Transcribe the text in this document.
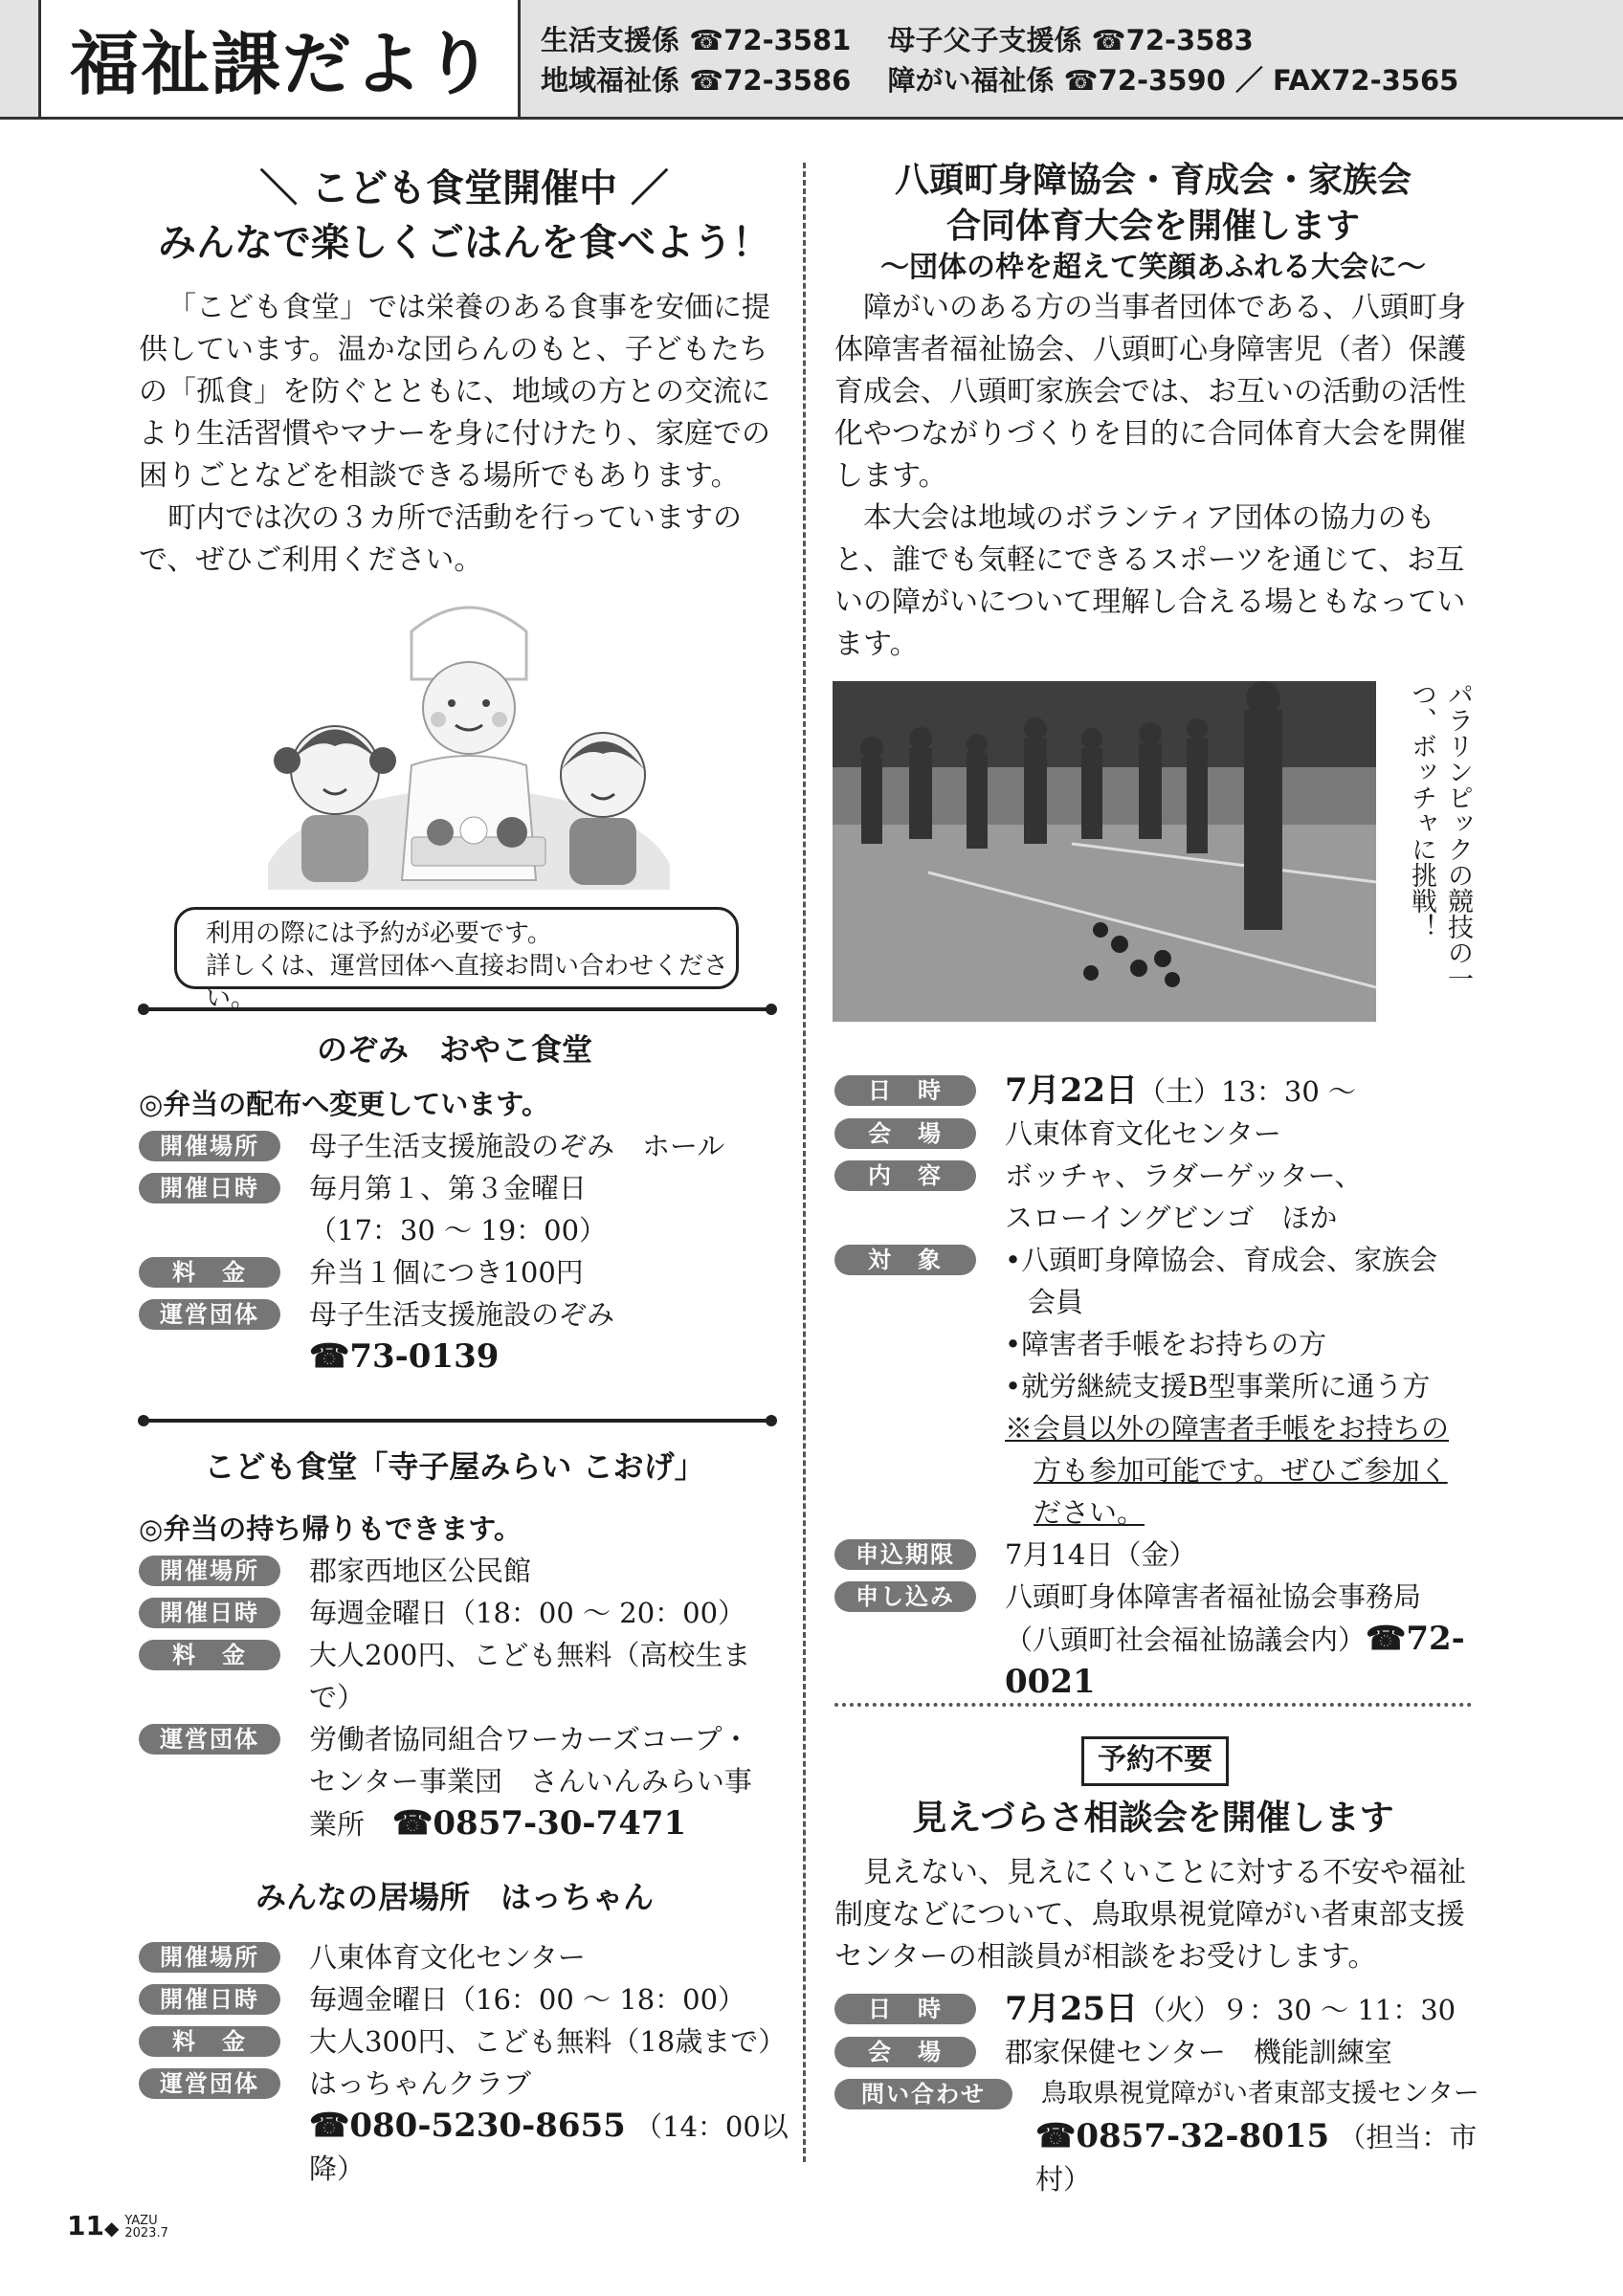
福祉課だより	生活支援係 ☎72-3581 母子父子支援係 ☎72-3583
地域福祉係 ☎72-3586 障がい福祉係 ☎72-3590 ／ FAX72-3565
＼ こども食堂開催中 ／
みんなで楽しくごはんを食べよう！

「こども食堂」では栄養のある食事を安価に提供しています。温かな団らんのもと、子どもたちの「孤食」を防ぐとともに、地域の方との交流により生活習慣やマナーを身に付けたり、家庭での困りごとなどを相談できる場所でもあります。

町内では次の３カ所で活動を行っていますので、ぜひご利用ください。

利用の際には予約が必要です。
詳しくは、運営団体へ直接お問い合わせください。
のぞみ　おやこ食堂
◎弁当の配布へ変更しています。
開催場所	母子生活支援施設のぞみ　ホール
開催日時	毎月第１、第３金曜日
（17：30 ～ 19：00）
料　金	弁当１個につき100円
運営団体	母子生活支援施設のぞみ
☎73-0139
こども食堂「寺子屋みらい こおげ」
◎弁当の持ち帰りもできます。
開催場所	郡家西地区公民館
開催日時	毎週金曜日（18：00 ～ 20：00）
料　金	大人200円、こども無料（高校生まで）
運営団体	労働者協同組合ワーカーズコープ・
センター事業団　さんいんみらい事
業所　 ☎0857-30-7471
みんなの居場所　はっちゃん
開催場所	八東体育文化センター
開催日時	毎週金曜日（16：00 ～ 18：00）
料　金	大人300円、こども無料（18歳まで）
運営団体	はっちゃんクラブ
☎080-5230-8655 （14：00以降）
八頭町身障協会・育成会・家族会
合同体育大会を開催します
～団体の枠を超えて笑顔あふれる大会に～

障がいのある方の当事者団体である、八頭町身体障害者福祉協会、八頭町心身障害児（者）保護育成会、八頭町家族会では、お互いの活動の活性化やつながりづくりを目的に合同体育大会を開催します。

本大会は地域のボランティア団体の協力のもと、誰でも気軽にできるスポーツを通じて、お互いの障がいについて理解し合える場ともなっています。

パラリンピックの競技の一つ、ボッチャに挑戦！
日　時	7月22日（土）13：30 ～
会　場	八東体育文化センター
内　容	ボッチャ、ラダーゲッター、
スローイングビンゴ　ほか
対　象	•八頭町身障協会、育成会、家族会
会員
•障害者手帳をお持ちの方
•就労継続支援B型事業所に通う方
※会員以外の障害者手帳をお持ちの
方も参加可能です。ぜひご参加く
ださい。
申込期限	7月14日（金）
申し込み	八頭町身体障害者福祉協会事務局
（八頭町社会福祉協議会内）☎72-0021
予約不要
見えづらさ相談会を開催します

見えない、見えにくいことに対する不安や福祉制度などについて、鳥取県視覚障がい者東部支援センターの相談員が相談をお受けします。

日　時	7月25日（火）９：30 ～ 11：30
会　場	郡家保健センター　機能訓練室
問い合わせ	鳥取県視覚障がい者東部支援センター
☎0857-32-8015 （担当：市村）
11◆ YAZU
2023.7
